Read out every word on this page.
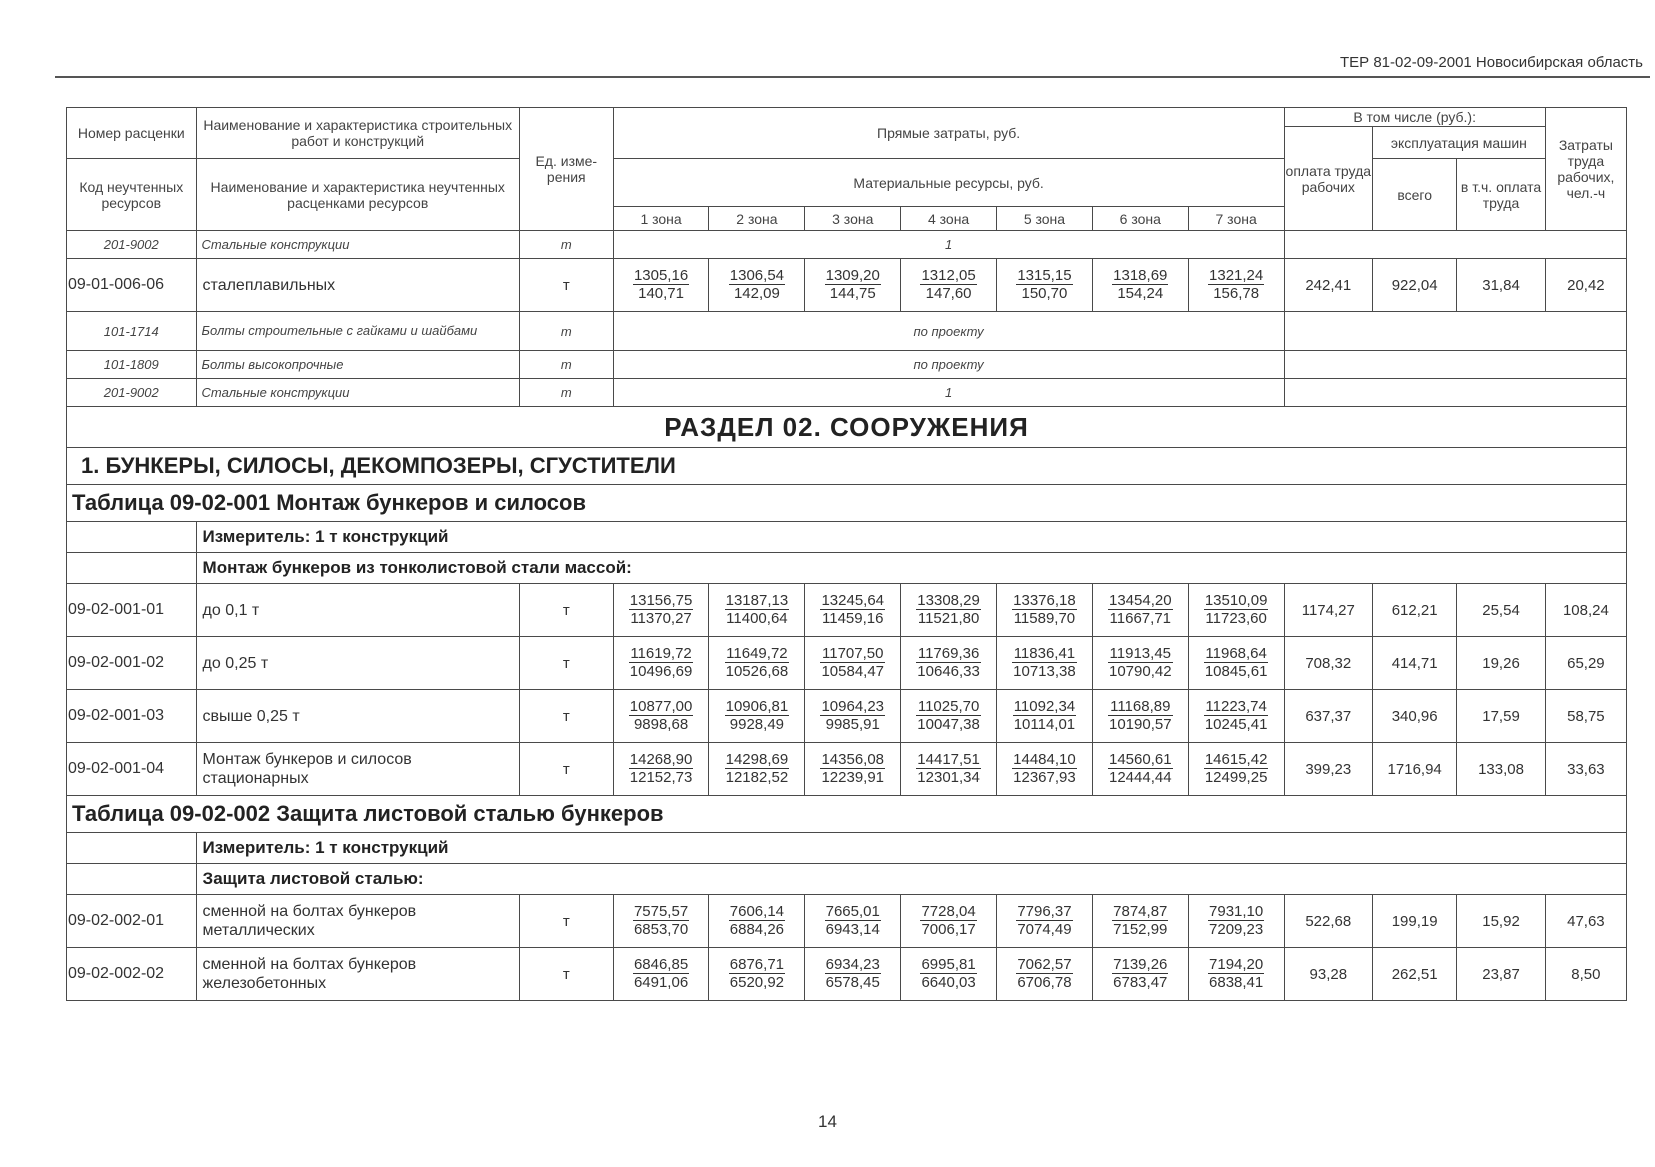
ТЕР 81-02-09-2001 Новосибирская область
Номер расценки	Наименование и характеристика строительных работ и конструкций	Ед. изме- рения	Прямые затраты, руб.							В том числе (руб.):			Затраты труда рабочих, чел.-ч
										оплата труда рабочих	эксплуатация машин		
Код неучтенных ресурсов	Наименование и характеристика неучтенных расценками ресурсов		Материальные ресурсы, руб.								всего	в т.ч. оплата труда	
			1 зона	2 зона	3 зона	4 зона	5 зона	6 зона	7 зона				
201-9002	Стальные конструкции	т	1										
09-01-006-06	сталеплавильных	т	$\frac{1305,16}{140,71}$	$\frac{1306,54}{142,09}$	$\frac{1309,20}{144,75}$	$\frac{1312,05}{147,60}$	$\frac{1315,15}{150,70}$	$\frac{1318,69}{154,24}$	$\frac{1321,24}{156,78}$	242,41	922,04	31,84	20,42
101-1714	Болты строительные с гайками и шайбами	т	по проекту										
101-1809	Болты высокопрочные	т	по проекту										
201-9002	Стальные конструкции	т	1										
РАЗДЕЛ 02. СООРУЖЕНИЯ													
1. БУНКЕРЫ, СИЛОСЫ, ДЕКОМПОЗЕРЫ, СГУСТИТЕЛИ													
Таблица 09-02-001 Монтаж бункеров и силосов													
	Измеритель: 1 т конструкций												
	Монтаж бункеров из тонколистовой стали массой:												
09-02-001-01	до 0,1 т	т	$\frac{13156,75}{11370,27}$	$\frac{13187,13}{11400,64}$	$\frac{13245,64}{11459,16}$	$\frac{13308,29}{11521,80}$	$\frac{13376,18}{11589,70}$	$\frac{13454,20}{11667,71}$	$\frac{13510,09}{11723,60}$	1174,27	612,21	25,54	108,24
09-02-001-02	до 0,25 т	т	$\frac{11619,72}{10496,69}$	$\frac{11649,72}{10526,68}$	$\frac{11707,50}{10584,47}$	$\frac{11769,36}{10646,33}$	$\frac{11836,41}{10713,38}$	$\frac{11913,45}{10790,42}$	$\frac{11968,64}{10845,61}$	708,32	414,71	19,26	65,29
09-02-001-03	свыше 0,25 т	т	$\frac{10877,00}{9898,68}$	$\frac{10906,81}{9928,49}$	$\frac{10964,23}{9985,91}$	$\frac{11025,70}{10047,38}$	$\frac{11092,34}{10114,01}$	$\frac{11168,89}{10190,57}$	$\frac{11223,74}{10245,41}$	637,37	340,96	17,59	58,75
09-02-001-04	Монтаж бункеров и силосов стационарных	т	$\frac{14268,90}{12152,73}$	$\frac{14298,69}{12182,52}$	$\frac{14356,08}{12239,91}$	$\frac{14417,51}{12301,34}$	$\frac{14484,10}{12367,93}$	$\frac{14560,61}{12444,44}$	$\frac{14615,42}{12499,25}$	399,23	1716,94	133,08	33,63
Таблица 09-02-002 Защита листовой сталью бункеров													
	Измеритель: 1 т конструкций												
	Защита листовой сталью:												
09-02-002-01	сменной на болтах бункеров металлических	т	$\frac{7575,57}{6853,70}$	$\frac{7606,14}{6884,26}$	$\frac{7665,01}{6943,14}$	$\frac{7728,04}{7006,17}$	$\frac{7796,37}{7074,49}$	$\frac{7874,87}{7152,99}$	$\frac{7931,10}{7209,23}$	522,68	199,19	15,92	47,63
09-02-002-02	сменной на болтах бункеров железобетонных	т	$\frac{6846,85}{6491,06}$	$\frac{6876,71}{6520,92}$	$\frac{6934,23}{6578,45}$	$\frac{6995,81}{6640,03}$	$\frac{7062,57}{6706,78}$	$\frac{7139,26}{6783,47}$	$\frac{7194,20}{6838,41}$	93,28	262,51	23,87	8,50
14
